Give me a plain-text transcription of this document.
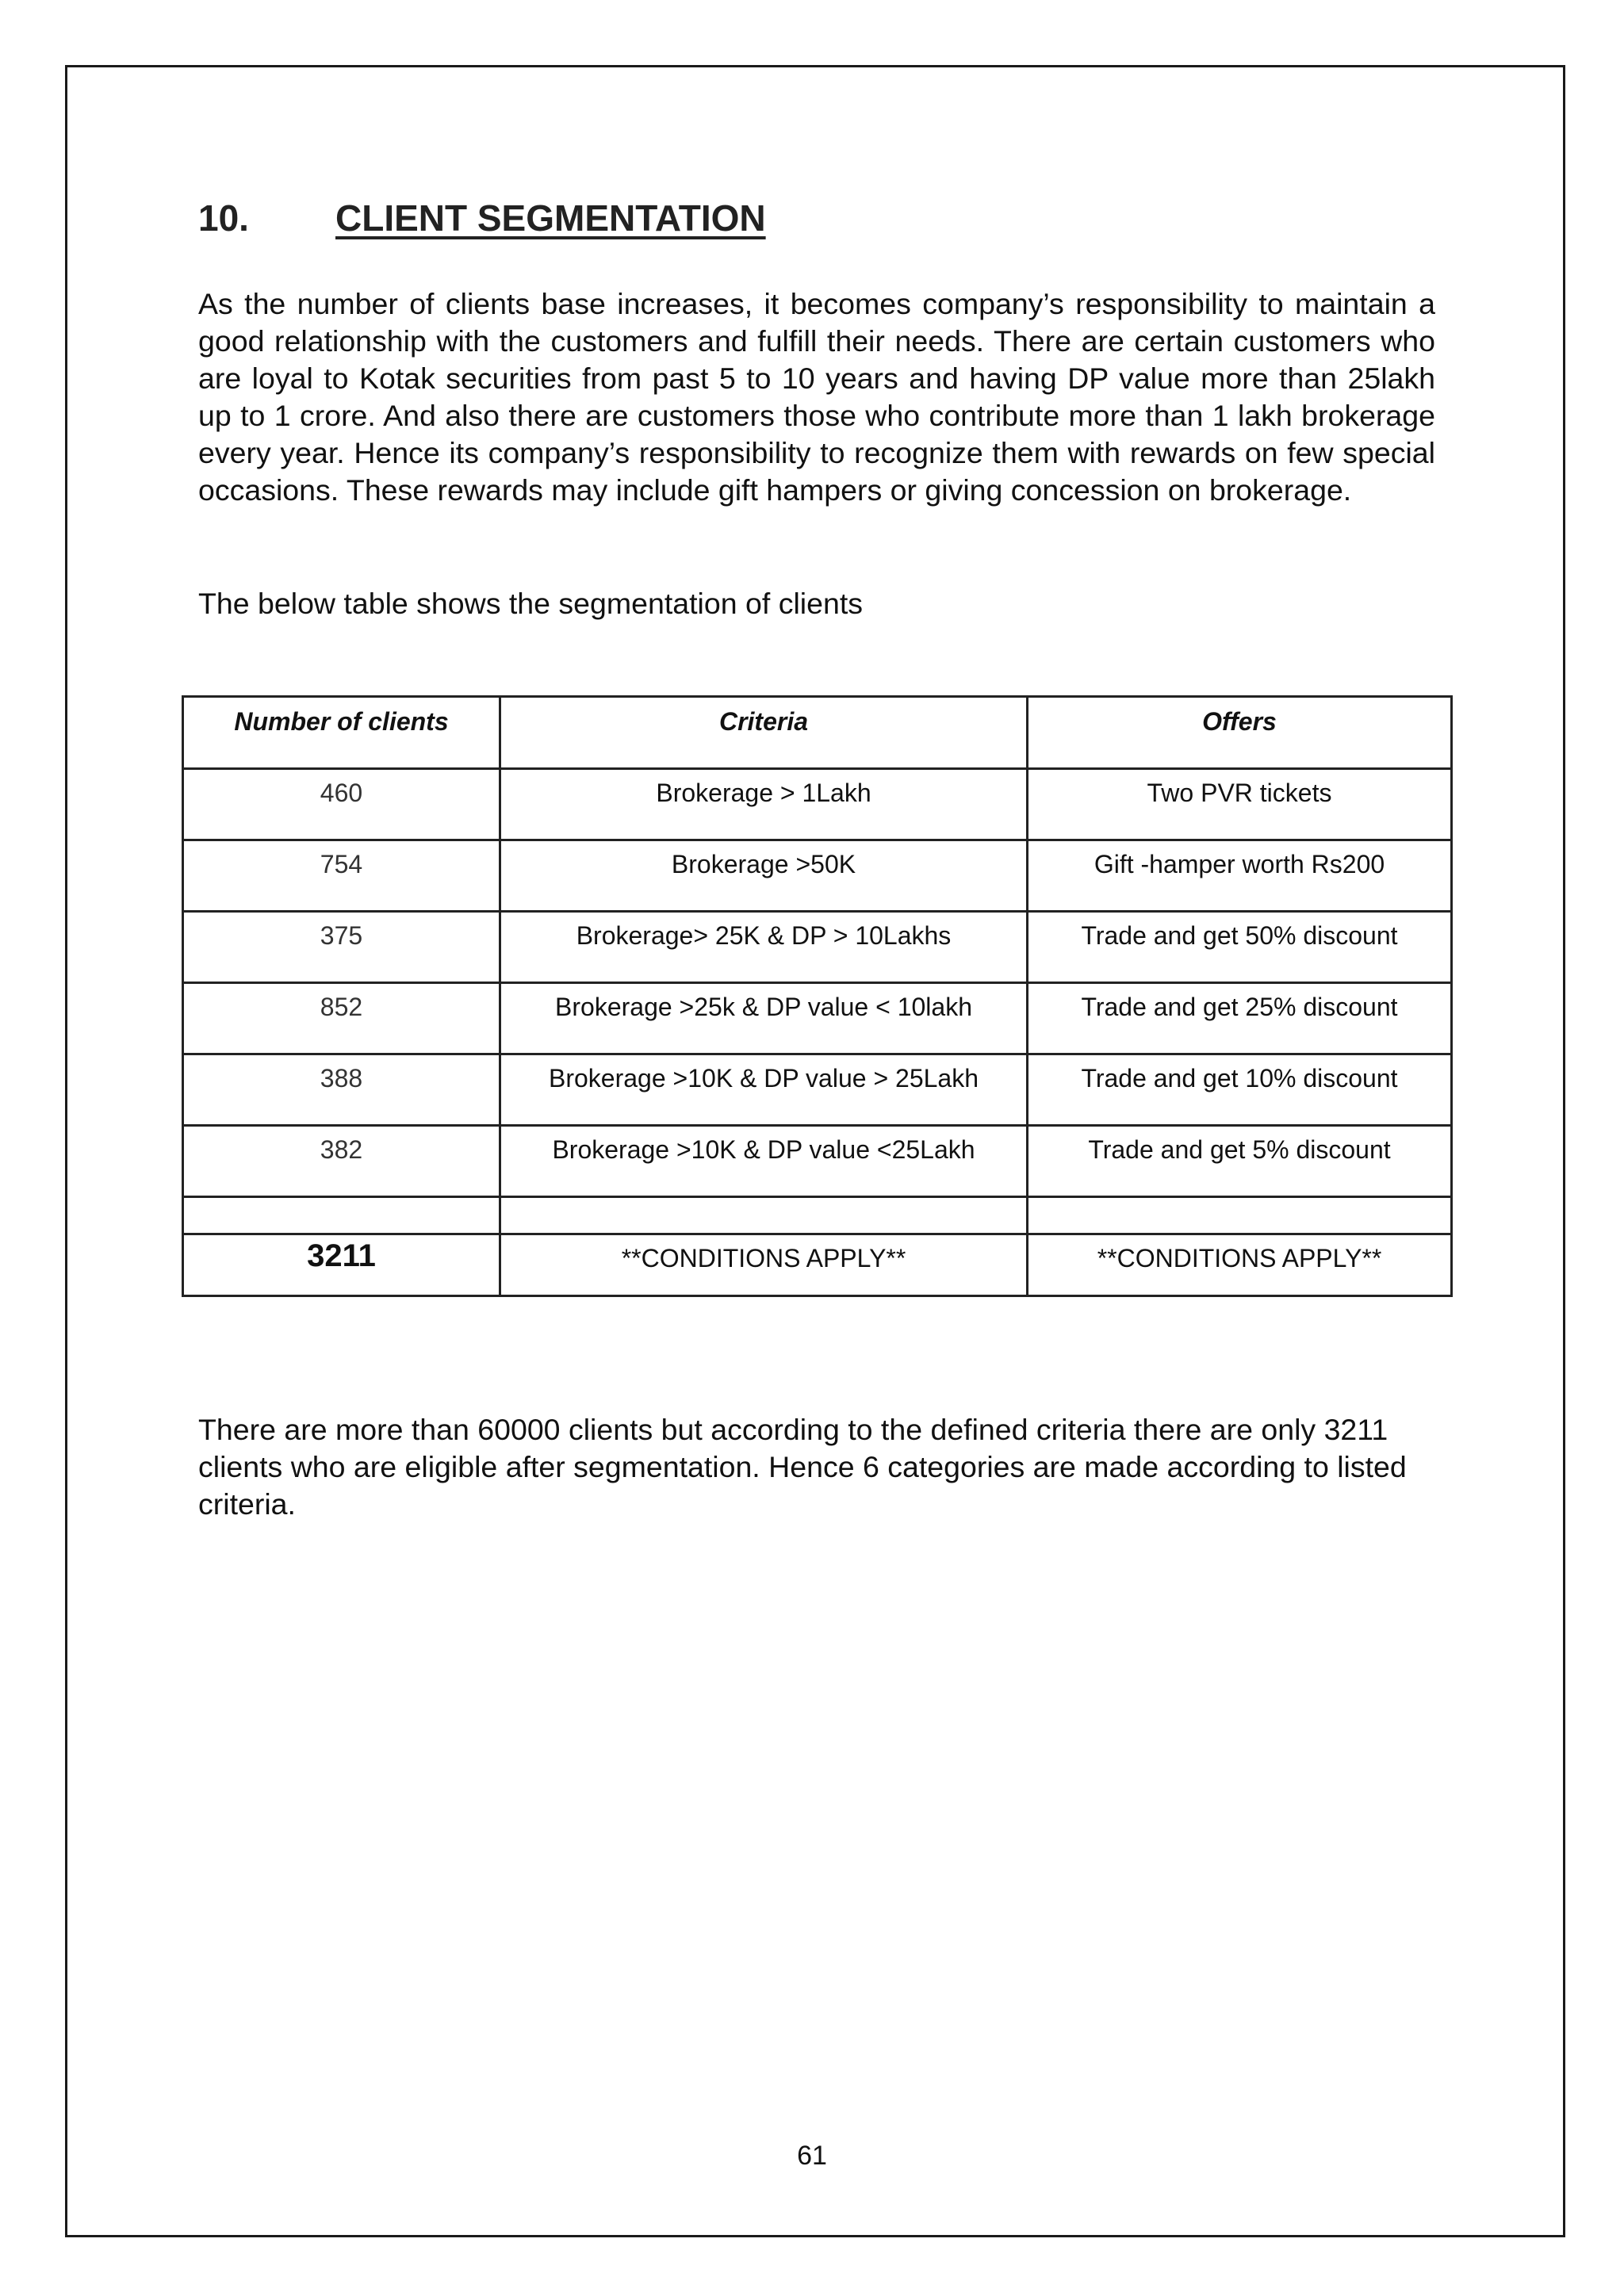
10.	CLIENT SEGMENTATION

As the number of clients base increases, it becomes company’s responsibility to maintain a good relationship with the customers and fulfill their needs. There are certain customers who are loyal to Kotak securities from past 5 to 10 years and having DP value more than 25lakh up to 1 crore. And also there are customers those who contribute more than 1 lakh brokerage every year. Hence its company’s responsibility to recognize them with rewards on few special occasions. These rewards may include gift hampers or giving concession on brokerage.

The below table shows the segmentation of clients

Number of clients	Criteria	Offers
460	Brokerage > 1Lakh	Two PVR tickets
754	Brokerage >50K	Gift -hamper worth Rs200
375	Brokerage> 25K & DP > 10Lakhs	Trade and get 50% discount
852	Brokerage >25k & DP value < 10lakh	Trade and get 25% discount
388	Brokerage >10K & DP value > 25Lakh	Trade and get 10% discount
382	Brokerage >10K & DP value <25Lakh	Trade and get 5% discount

3211	**CONDITIONS APPLY**	**CONDITIONS APPLY**

There are more than 60000 clients but according to the defined criteria there are only 3211 clients who are eligible after segmentation. Hence 6 categories are made according to listed criteria.

61
